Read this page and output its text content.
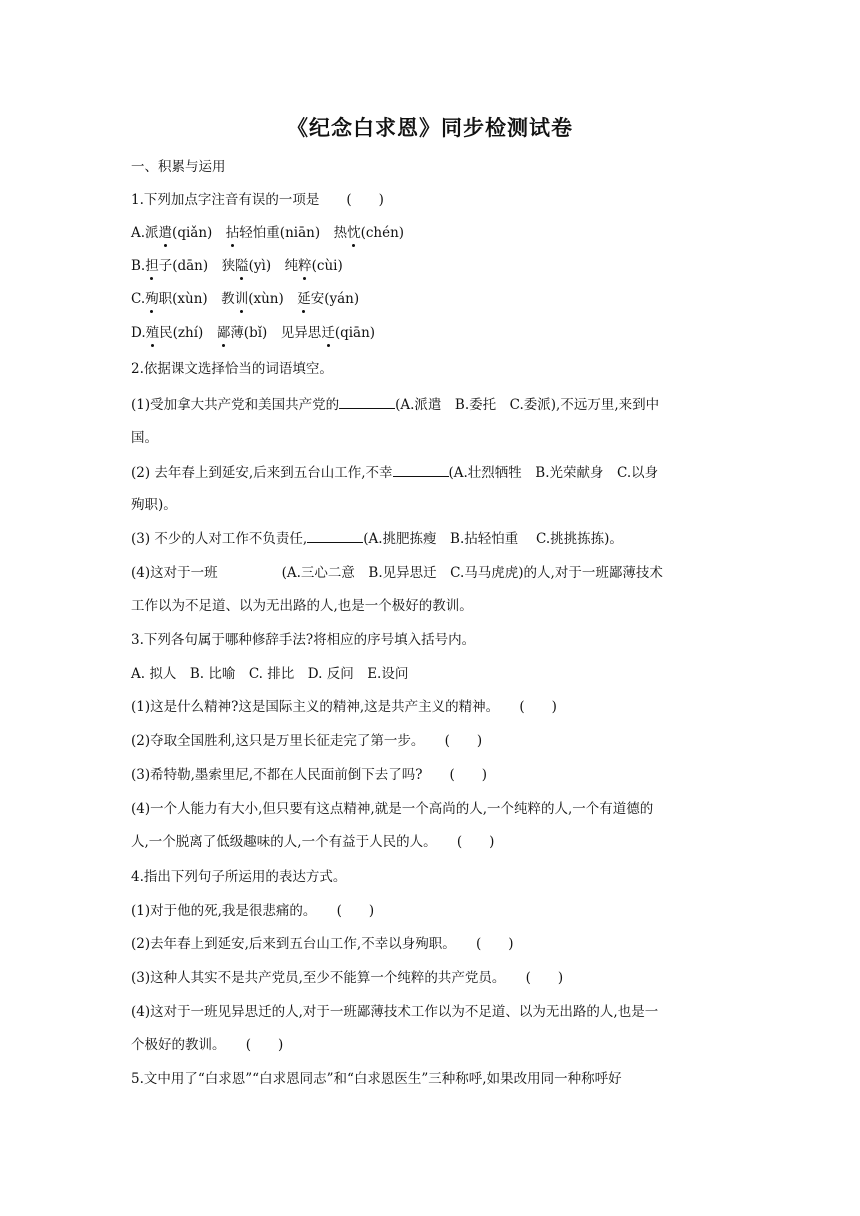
《纪念白求恩》同步检测试卷
一、积累与运用
1.下列加点字注音有误的一项是　　(　　)
A.派遣(qiǎn)　拈轻怕重(niān)　热忱(chén)
B.担子(dān)　狭隘(yì)　纯粹(cùi)
C.殉职(xùn)　教训(xùn)　延安(yán)
D.殖民(zhí)　鄙薄(bǐ)　见异思迁(qiān)
2.依据课文选择恰当的词语填空。
(1)受加拿大共产党和美国共产党的	(A.派遣　B.委托　C.委派),不远万里,来到中
国。
(2) 去年春上到延安,后来到五台山工作,不幸	(A.壮烈牺牲　B.光荣献身　C.以身
殉职)。
(3) 不少的人对工作不负责任,	(A.挑肥拣瘦　B.拈轻怕重　 C.挑挑拣拣)。
(4)这对于一班	(A.三心二意　B.见异思迁　C.马马虎虎)的人,对于一班鄙薄技术
工作以为不足道、以为无出路的人,也是一个极好的教训。
3.下列各句属于哪种修辞手法?将相应的序号填入括号内。
A. 拟人　B. 比喻　C. 排比　D. 反问　E.设问
(1)这是什么精神?这是国际主义的精神,这是共产主义的精神。　　(　　)
(2)夺取全国胜利,这只是万里长征走完了第一步。　　(　　)
(3)希特勒,墨索里尼,不都在人民面前倒下去了吗?　　(　　)
(4)一个人能力有大小,但只要有这点精神,就是一个高尚的人,一个纯粹的人,一个有道德的
人,一个脱离了低级趣味的人,一个有益于人民的人。　　(　　)
4.指出下列句子所运用的表达方式。
(1)对于他的死,我是很悲痛的。　　(　　)
(2)去年春上到延安,后来到五台山工作,不幸以身殉职。　　(　　)
(3)这种人其实不是共产党员,至少不能算一个纯粹的共产党员。　　(　　)
(4)这对于一班见异思迁的人,对于一班鄙薄技术工作以为不足道、以为无出路的人,也是一
个极好的教训。　　(　　)
5.文中用了“白求恩”“白求恩同志”和“白求恩医生”三种称呼,如果改用同一种称呼好
